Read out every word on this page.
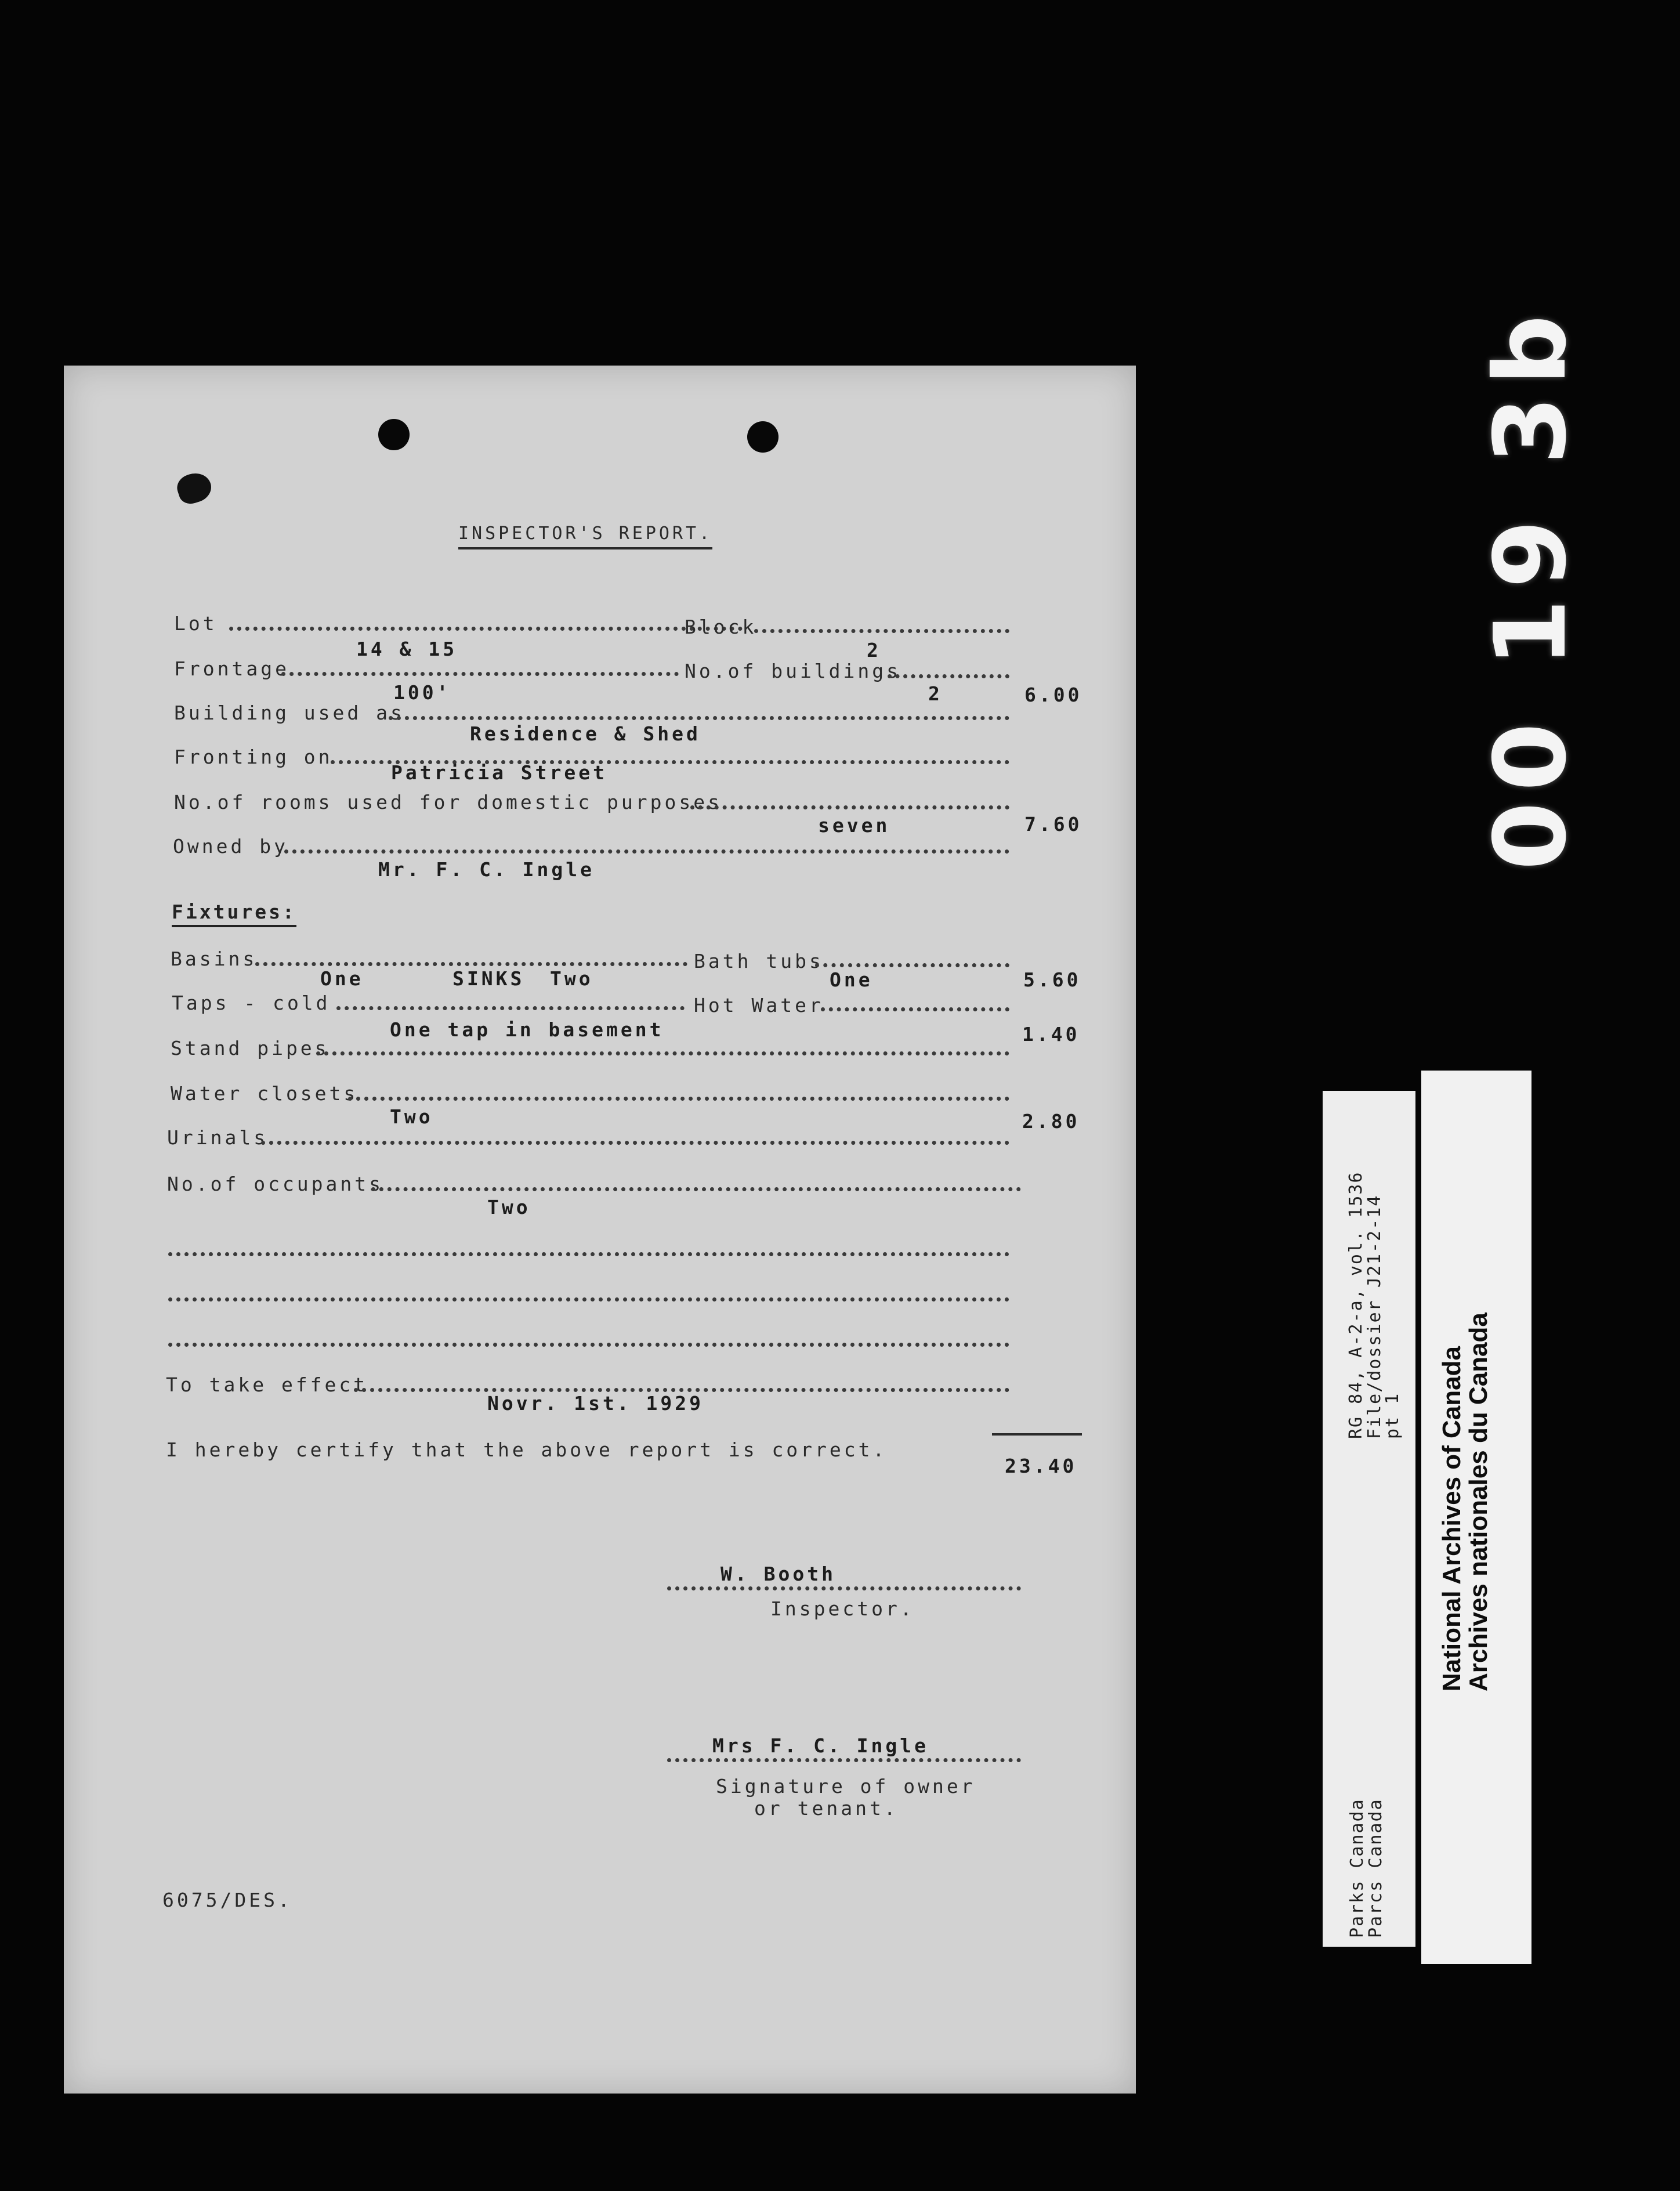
INSPECTOR'S REPORT.
Lot	Block
14 & 15	2
Frontage	No.of buildings
100'	2	6.00
Building used as
Residence & Shed
Fronting on
Patricia Street
No.of rooms used for domestic purposes
seven	7.60
Owned by
Mr. F. C. Ingle
Fixtures:
Basins	Bath tubs
One	SINKS Two	One	5.60
Taps - cold	Hot Water
One tap in basement	1.40
Stand pipes
Water closets
Two	2.80
Urinals
No.of occupants
Two
To take effect
Novr. 1st. 1929
I hereby certify that the above report is correct.
23.40
W. Booth
Inspector.
Mrs F. C. Ingle
Signature of owner
or tenant.
6075/DES.
00 19 3b
RG 84, A-2-a, vol. 1536
File/dossier J21-2-14
pt 1
Parks Canada
Parcs Canada
National Archives of Canada
Archives nationales du Canada
